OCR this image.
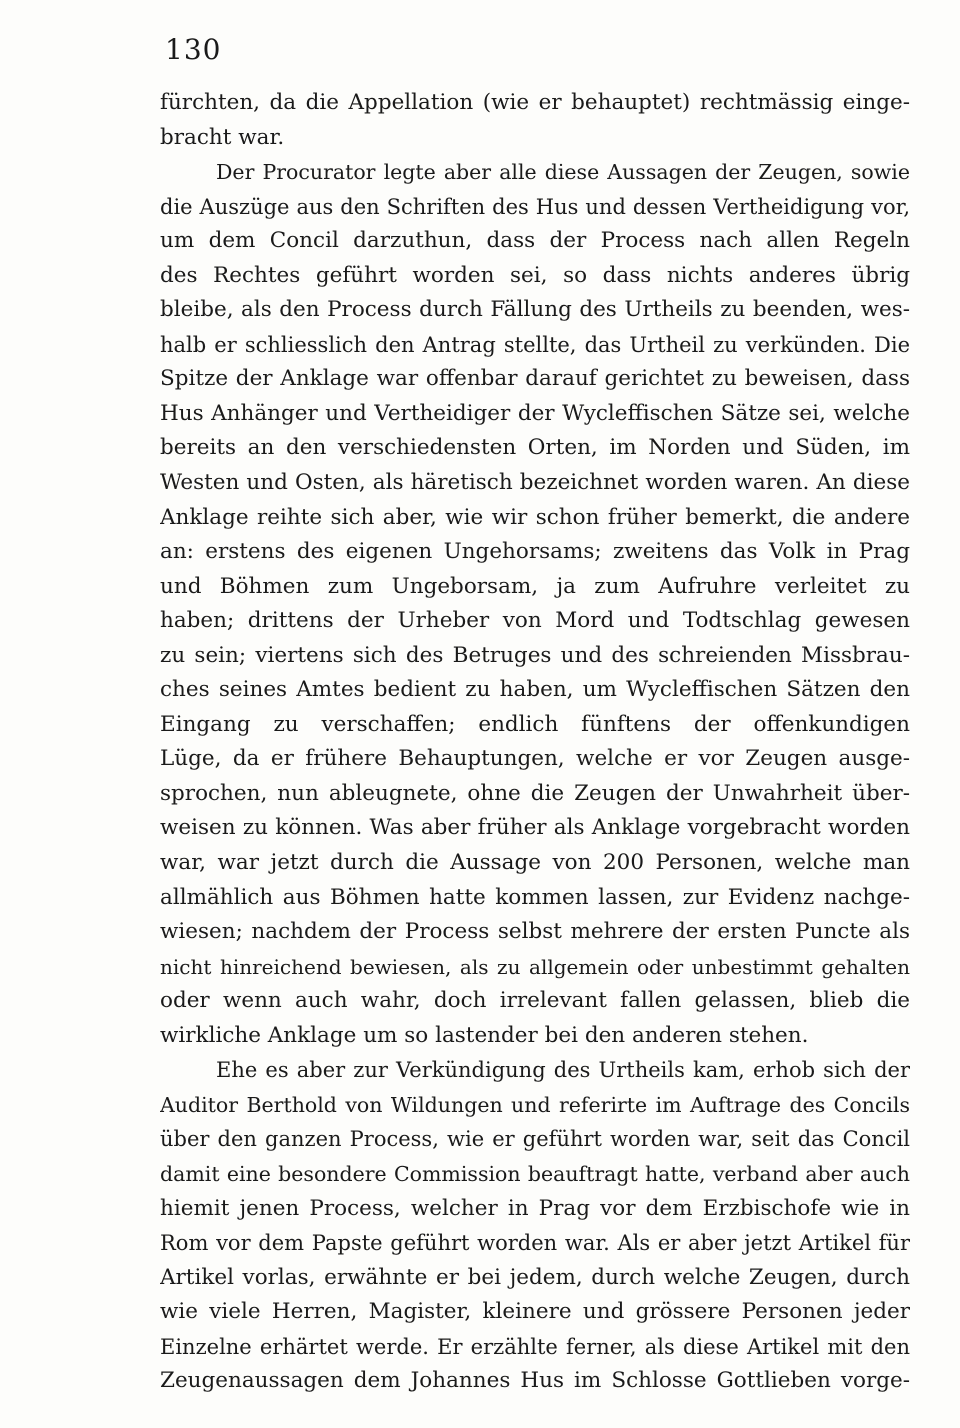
130
fürchten, da die Appellation (wie er behauptet) rechtmässig einge-
bracht war.
Der Procurator legte aber alle diese Aussagen der Zeugen, sowie
die Auszüge aus den Schriften des Hus und dessen Vertheidigung vor,
um dem Concil darzuthun, dass der Process nach allen Regeln
des Rechtes geführt worden sei, so dass nichts anderes übrig
bleibe, als den Process durch Fällung des Urtheils zu beenden, wes-
halb er schliesslich den Antrag stellte, das Urtheil zu verkünden. Die
Spitze der Anklage war offenbar darauf gerichtet zu beweisen, dass
Hus Anhänger und Vertheidiger der Wycleffischen Sätze sei, welche
bereits an den verschiedensten Orten, im Norden und Süden, im
Westen und Osten, als häretisch bezeichnet worden waren. An diese
Anklage reihte sich aber, wie wir schon früher bemerkt, die andere
an: erstens des eigenen Ungehorsams; zweitens das Volk in Prag
und Böhmen zum Ungeborsam, ja zum Aufruhre verleitet zu
haben; drittens der Urheber von Mord und Todtschlag gewesen
zu sein; viertens sich des Betruges und des schreienden Missbrau-
ches seines Amtes bedient zu haben, um Wycleffischen Sätzen den
Eingang zu verschaffen; endlich fünftens der offenkundigen
Lüge, da er frühere Behauptungen, welche er vor Zeugen ausge-
sprochen, nun ableugnete, ohne die Zeugen der Unwahrheit über-
weisen zu können. Was aber früher als Anklage vorgebracht worden
war, war jetzt durch die Aussage von 200 Personen, welche man
allmählich aus Böhmen hatte kommen lassen, zur Evidenz nachge-
wiesen; nachdem der Process selbst mehrere der ersten Puncte als
nicht hinreichend bewiesen, als zu allgemein oder unbestimmt gehalten
oder wenn auch wahr, doch irrelevant fallen gelassen, blieb die
wirkliche Anklage um so lastender bei den anderen stehen.
Ehe es aber zur Verkündigung des Urtheils kam, erhob sich der
Auditor Berthold von Wildungen und referirte im Auftrage des Concils
über den ganzen Process, wie er geführt worden war, seit das Concil
damit eine besondere Commission beauftragt hatte, verband aber auch
hiemit jenen Process, welcher in Prag vor dem Erzbischofe wie in
Rom vor dem Papste geführt worden war. Als er aber jetzt Artikel für
Artikel vorlas, erwähnte er bei jedem, durch welche Zeugen, durch
wie viele Herren, Magister, kleinere und grössere Personen jeder
Einzelne erhärtet werde. Er erzählte ferner, als diese Artikel mit den
Zeugenaussagen dem Johannes Hus im Schlosse Gottlieben vorge-
